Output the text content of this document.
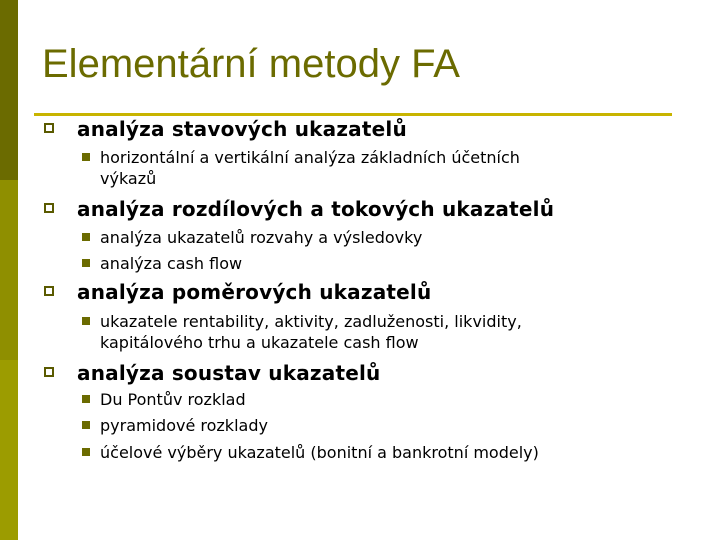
Elementární metody FA
analýza stavových ukazatelů
horizontální a vertikální analýza základních účetních
výkazů
analýza rozdílových a tokových ukazatelů
analýza ukazatelů rozvahy a výsledovky
analýza cash flow
analýza poměrových ukazatelů
ukazatele rentability, aktivity, zadluženosti, likvidity,
kapitálového trhu a ukazatele cash flow
analýza soustav ukazatelů
Du Pontův rozklad
pyramidové rozklady
účelové výběry ukazatelů (bonitní a bankrotní modely)
